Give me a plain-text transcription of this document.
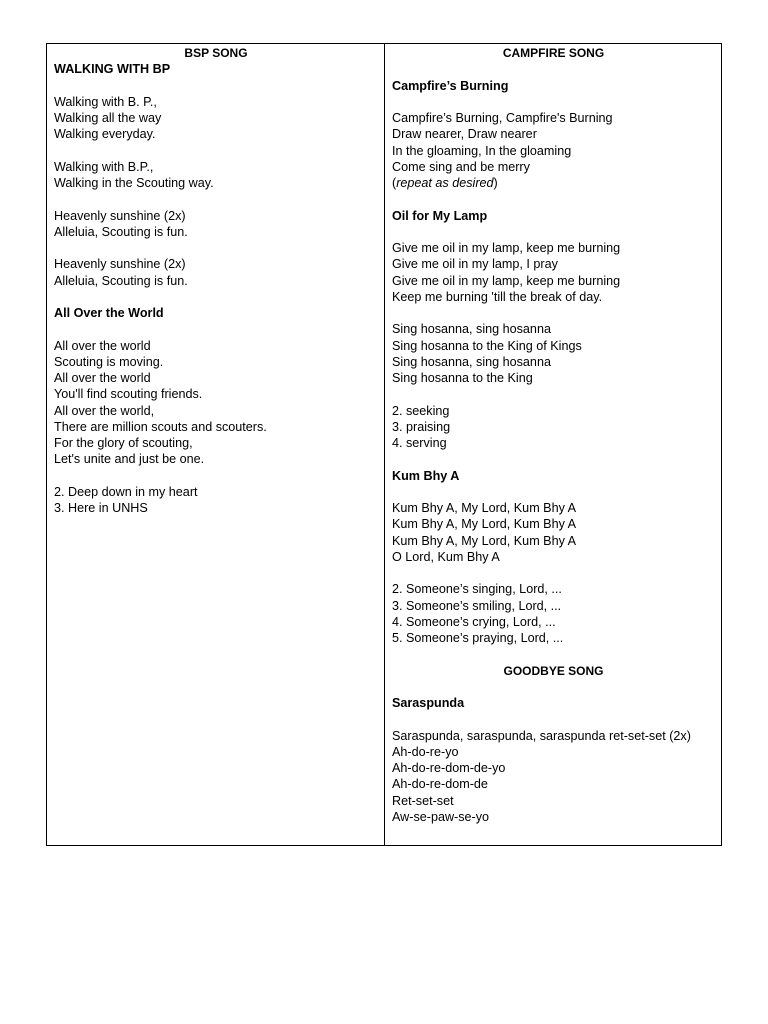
BSP SONG
WALKING WITH BP
Walking with B. P.,
Walking all the way
Walking everyday.
Walking with B.P.,
Walking in the Scouting way.
Heavenly sunshine (2x)
Alleluia, Scouting is fun.
Heavenly sunshine (2x)
Alleluia, Scouting is fun.
All Over the World
All over the world
Scouting is moving.
All over the world
You'll find scouting friends.
All over the world,
There are million scouts and scouters.
For the glory of scouting,
Let's unite and just be one.
2. Deep down in my heart
3. Here in UNHS
CAMPFIRE SONG
Campfire’s Burning
Campfire’s Burning, Campfire's Burning
Draw nearer, Draw nearer
In the gloaming, In the gloaming
Come sing and be merry
(repeat as desired)
Oil for My Lamp
Give me oil in my lamp, keep me burning
Give me oil in my lamp, I pray
Give me oil in my lamp, keep me burning
Keep me burning 'till the break of day.
Sing hosanna, sing hosanna
Sing hosanna to the King of Kings
Sing hosanna, sing hosanna
Sing hosanna to the King
2. seeking
3. praising
4. serving
Kum Bhy A
Kum Bhy A, My Lord, Kum Bhy A
Kum Bhy A, My Lord, Kum Bhy A
Kum Bhy A, My Lord, Kum Bhy A
O Lord, Kum Bhy A
2. Someone’s singing, Lord, ...
3. Someone’s smiling, Lord, ...
4. Someone’s crying, Lord, ...
5. Someone’s praying, Lord, ...
GOODBYE SONG
Saraspunda
Saraspunda, saraspunda, saraspunda ret-set-set (2x)
Ah-do-re-yo
Ah-do-re-dom-de-yo
Ah-do-re-dom-de
Ret-set-set
Aw-se-paw-se-yo
